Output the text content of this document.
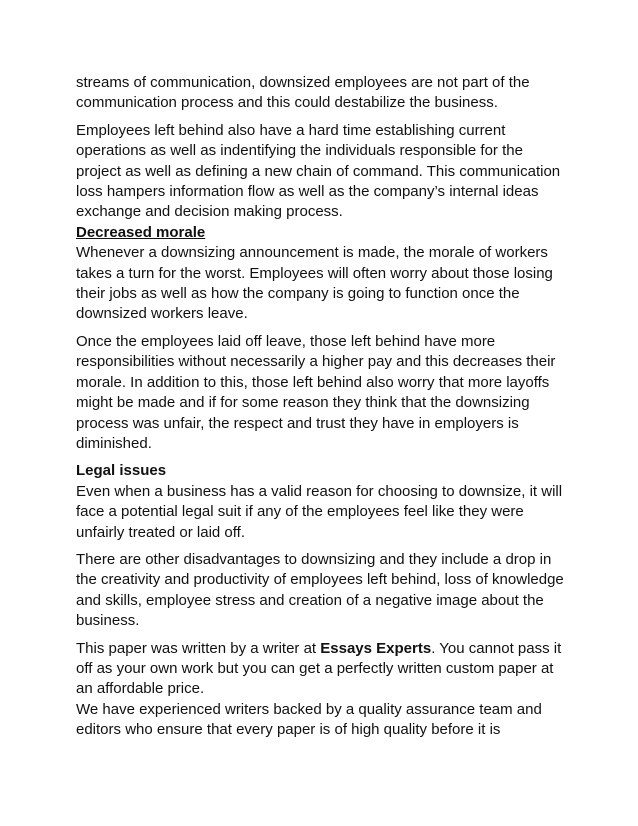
streams of communication, downsized employees are not part of the communication process and this could destabilize the business.

Employees left behind also have a hard time establishing current operations as well as indentifying the individuals responsible for the project as well as defining a new chain of command. This communication loss hampers information flow as well as the company’s internal ideas exchange and decision making process.

Decreased morale

Whenever a downsizing announcement is made, the morale of workers takes a turn for the worst. Employees will often worry about those losing their jobs as well as how the company is going to function once the downsized workers leave.

Once the employees laid off leave, those left behind have more responsibilities without necessarily a higher pay and this decreases their morale. In addition to this, those left behind also worry that more layoffs might be made and if for some reason they think that the downsizing process was unfair, the respect and trust they have in employers is diminished.

Legal issues

Even when a business has a valid reason for choosing to downsize, it will face a potential legal suit if any of the employees feel like they were unfairly treated or laid off.

There are other disadvantages to downsizing and they include a drop in the creativity and productivity of employees left behind, loss of knowledge and skills, employee stress and creation of a negative image about the business.

This paper was written by a writer at Essays Experts. You cannot pass it off as your own work but you can get a perfectly written custom paper at an affordable price.

We have experienced writers backed by a quality assurance team and editors who ensure that every paper is of high quality before it is
